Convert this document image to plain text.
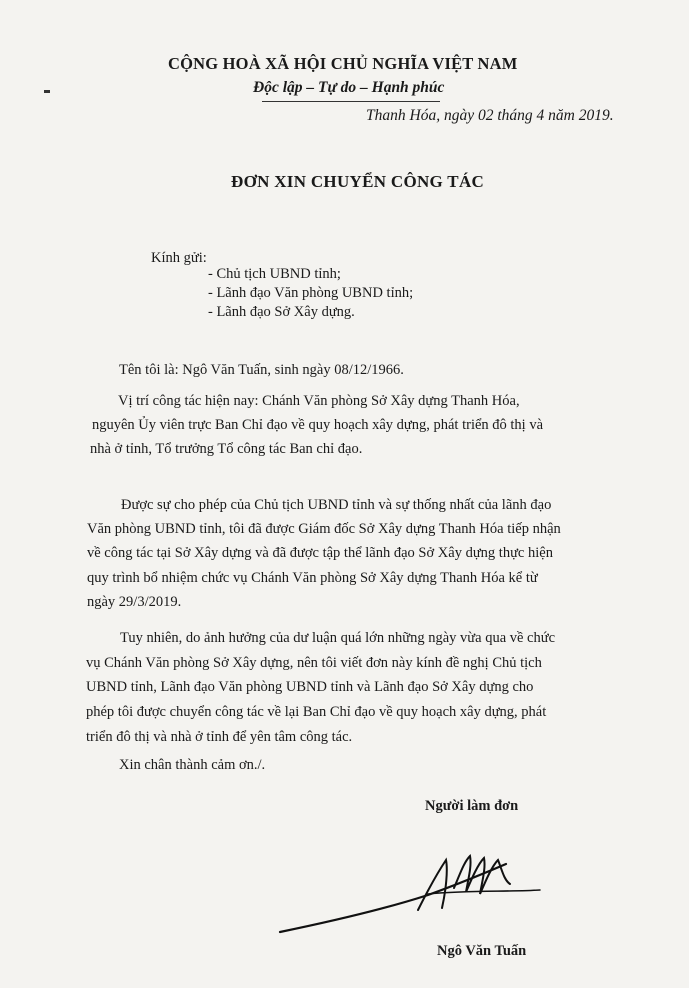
CỘNG HOÀ XÃ HỘI CHỦ NGHĨA VIỆT NAM
Độc lập – Tự do – Hạnh phúc
Thanh Hóa, ngày 02 tháng 4 năm 2019.
ĐƠN XIN CHUYỂN CÔNG TÁC
Kính gửi:
- Chủ tịch UBND tỉnh;
- Lãnh đạo Văn phòng UBND tỉnh;
- Lãnh đạo Sở Xây dựng.
Tên tôi là: Ngô Văn Tuấn, sinh ngày 08/12/1966.
Vị trí công tác hiện nay: Chánh Văn phòng Sở Xây dựng Thanh Hóa,
nguyên Ủy viên trực Ban Chỉ đạo về quy hoạch xây dựng, phát triển đô thị và
nhà ở tỉnh, Tổ trưởng Tổ công tác Ban chỉ đạo.
Được sự cho phép của Chủ tịch UBND tỉnh và sự thống nhất của lãnh đạo
Văn phòng UBND tỉnh, tôi đã được Giám đốc Sở Xây dựng Thanh Hóa tiếp nhận
về công tác tại Sở Xây dựng và đã được tập thể lãnh đạo Sở Xây dựng thực hiện
quy trình bổ nhiệm chức vụ Chánh Văn phòng Sở Xây dựng Thanh Hóa kể từ
ngày 29/3/2019.
Tuy nhiên, do ảnh hưởng của dư luận quá lớn những ngày vừa qua về chức
vụ Chánh Văn phòng Sở Xây dựng, nên tôi viết đơn này kính đề nghị Chủ tịch
UBND tỉnh, Lãnh đạo Văn phòng UBND tỉnh và Lãnh đạo Sở Xây dựng cho
phép tôi được chuyển công tác về lại Ban Chỉ đạo về quy hoạch xây dựng, phát
triển đô thị và nhà ở tỉnh để yên tâm công tác.
Xin chân thành cảm ơn./.
Người làm đơn
Ngô Văn Tuấn
